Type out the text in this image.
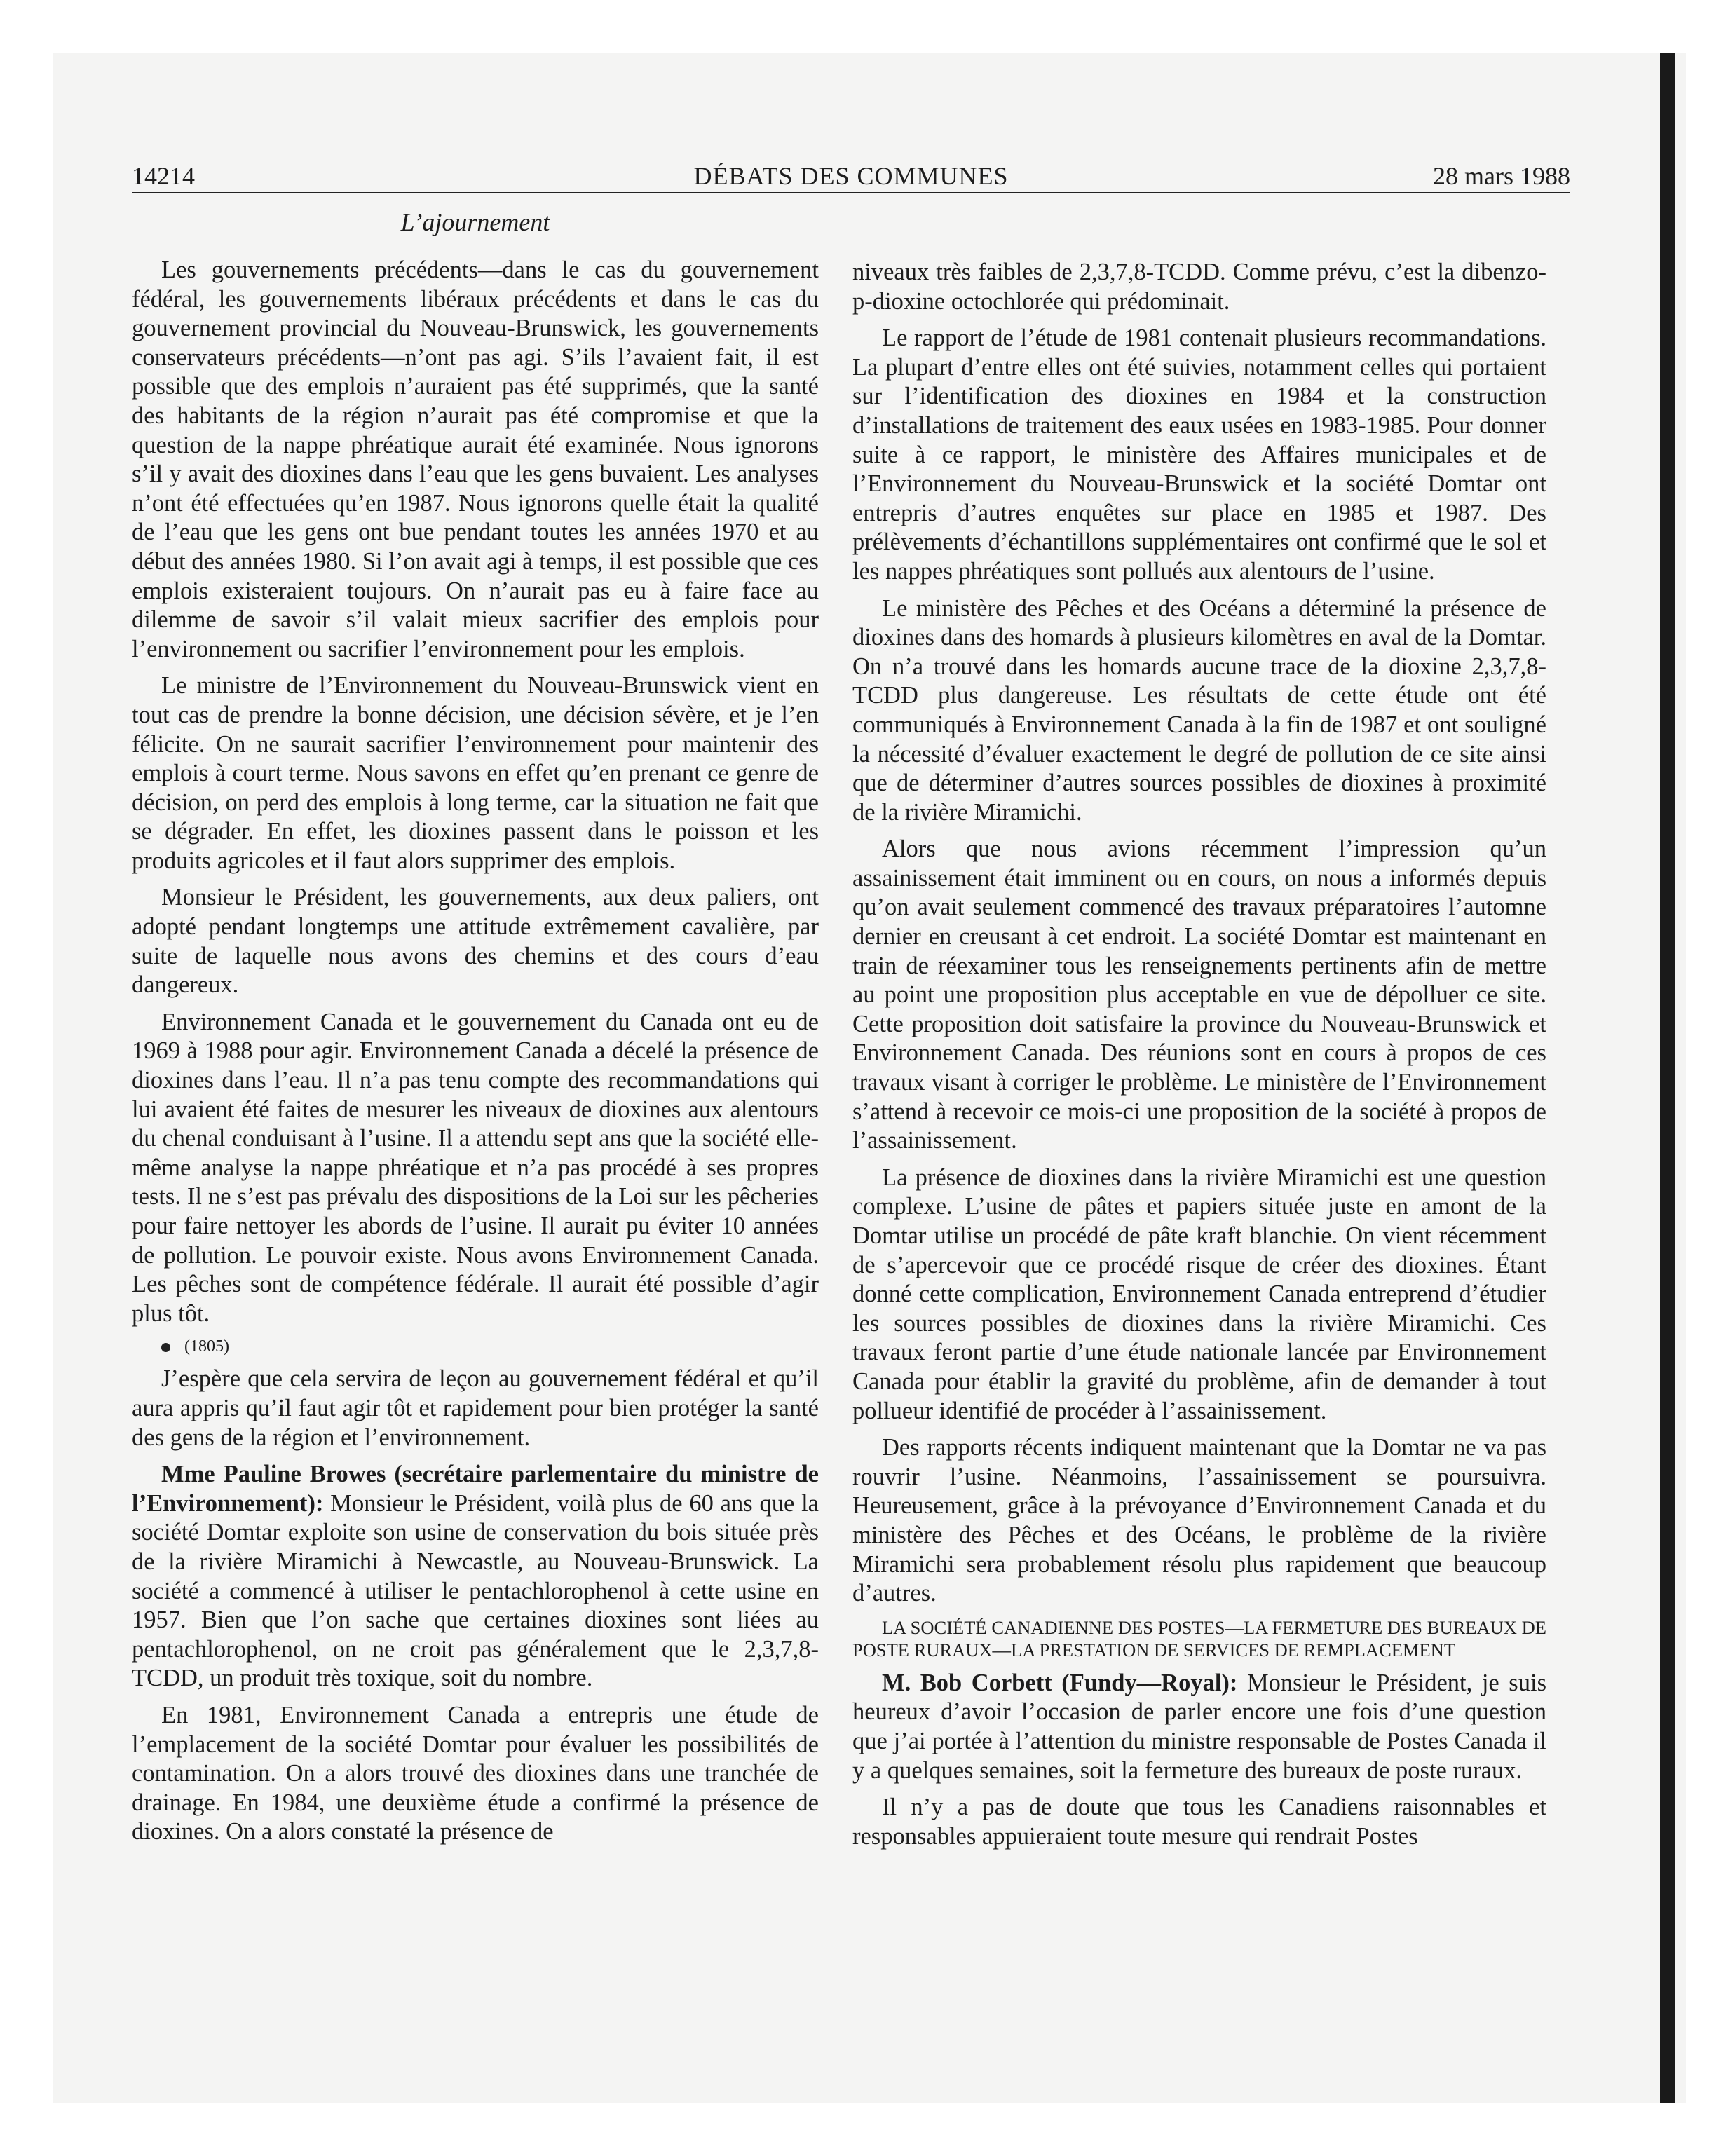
14214	DÉBATS DES COMMUNES	28 mars 1988
L’ajournement

Les gouvernements précédents—dans le cas du gouvernement fédéral, les gouvernements libéraux précédents et dans le cas du gouvernement provincial du Nouveau-Brunswick, les gouvernements conservateurs précédents—n’ont pas agi. S’ils l’avaient fait, il est possible que des emplois n’auraient pas été supprimés, que la santé des habitants de la région n’aurait pas été compromise et que la question de la nappe phréatique aurait été examinée. Nous ignorons s’il y avait des dioxines dans l’eau que les gens buvaient. Les analyses n’ont été effectuées qu’en 1987. Nous ignorons quelle était la qualité de l’eau que les gens ont bue pendant toutes les années 1970 et au début des années 1980. Si l’on avait agi à temps, il est possible que ces emplois existeraient toujours. On n’aurait pas eu à faire face au dilemme de savoir s’il valait mieux sacrifier des emplois pour l’environnement ou sacrifier l’environnement pour les emplois.

Le ministre de l’Environnement du Nouveau-Brunswick vient en tout cas de prendre la bonne décision, une décision sévère, et je l’en félicite. On ne saurait sacrifier l’environnement pour maintenir des emplois à court terme. Nous savons en effet qu’en prenant ce genre de décision, on perd des emplois à long terme, car la situation ne fait que se dégrader. En effet, les dioxines passent dans le poisson et les produits agricoles et il faut alors supprimer des emplois.

Monsieur le Président, les gouvernements, aux deux paliers, ont adopté pendant longtemps une attitude extrêmement cavalière, par suite de laquelle nous avons des chemins et des cours d’eau dangereux.

Environnement Canada et le gouvernement du Canada ont eu de 1969 à 1988 pour agir. Environnement Canada a décelé la présence de dioxines dans l’eau. Il n’a pas tenu compte des recommandations qui lui avaient été faites de mesurer les niveaux de dioxines aux alentours du chenal conduisant à l’usine. Il a attendu sept ans que la société elle-même analyse la nappe phréatique et n’a pas procédé à ses propres tests. Il ne s’est pas prévalu des dispositions de la Loi sur les pêcheries pour faire nettoyer les abords de l’usine. Il aurait pu éviter 10 années de pollution. Le pouvoir existe. Nous avons Environnement Canada. Les pêches sont de compétence fédérale. Il aurait été possible d’agir plus tôt.

(1805)

J’espère que cela servira de leçon au gouvernement fédéral et qu’il aura appris qu’il faut agir tôt et rapidement pour bien protéger la santé des gens de la région et l’environnement.

Mme Pauline Browes (secrétaire parlementaire du ministre de l’Environnement): Monsieur le Président, voilà plus de 60 ans que la société Domtar exploite son usine de conservation du bois située près de la rivière Miramichi à Newcastle, au Nouveau-Brunswick. La société a commencé à utiliser le pentachlorophenol à cette usine en 1957. Bien que l’on sache que certaines dioxines sont liées au pentachlorophenol, on ne croit pas généralement que le 2,3,7,8-TCDD, un produit très toxique, soit du nombre.

En 1981, Environnement Canada a entrepris une étude de l’emplacement de la société Domtar pour évaluer les possibilités de contamination. On a alors trouvé des dioxines dans une tranchée de drainage. En 1984, une deuxième étude a confirmé la présence de dioxines. On a alors constaté la présence de

niveaux très faibles de 2,3,7,8-TCDD. Comme prévu, c’est la dibenzo-p-dioxine octochlorée qui prédominait.

Le rapport de l’étude de 1981 contenait plusieurs recommandations. La plupart d’entre elles ont été suivies, notamment celles qui portaient sur l’identification des dioxines en 1984 et la construction d’installations de traitement des eaux usées en 1983-1985. Pour donner suite à ce rapport, le ministère des Affaires municipales et de l’Environnement du Nouveau-Brunswick et la société Domtar ont entrepris d’autres enquêtes sur place en 1985 et 1987. Des prélèvements d’échantillons supplémentaires ont confirmé que le sol et les nappes phréatiques sont pollués aux alentours de l’usine.

Le ministère des Pêches et des Océans a déterminé la présence de dioxines dans des homards à plusieurs kilomètres en aval de la Domtar. On n’a trouvé dans les homards aucune trace de la dioxine 2,3,7,8-TCDD plus dangereuse. Les résultats de cette étude ont été communiqués à Environnement Canada à la fin de 1987 et ont souligné la nécessité d’évaluer exactement le degré de pollution de ce site ainsi que de déterminer d’autres sources possibles de dioxines à proximité de la rivière Miramichi.

Alors que nous avions récemment l’impression qu’un assainissement était imminent ou en cours, on nous a informés depuis qu’on avait seulement commencé des travaux préparatoires l’automne dernier en creusant à cet endroit. La société Domtar est maintenant en train de réexaminer tous les renseignements pertinents afin de mettre au point une proposition plus acceptable en vue de dépolluer ce site. Cette proposition doit satisfaire la province du Nouveau-Brunswick et Environnement Canada. Des réunions sont en cours à propos de ces travaux visant à corriger le problème. Le ministère de l’Environnement s’attend à recevoir ce mois-ci une proposition de la société à propos de l’assainissement.

La présence de dioxines dans la rivière Miramichi est une question complexe. L’usine de pâtes et papiers située juste en amont de la Domtar utilise un procédé de pâte kraft blanchie. On vient récemment de s’apercevoir que ce procédé risque de créer des dioxines. Étant donné cette complication, Environnement Canada entreprend d’étudier les sources possibles de dioxines dans la rivière Miramichi. Ces travaux feront partie d’une étude nationale lancée par Environnement Canada pour établir la gravité du problème, afin de demander à tout pollueur identifié de procéder à l’assainissement.

Des rapports récents indiquent maintenant que la Domtar ne va pas rouvrir l’usine. Néanmoins, l’assainissement se poursuivra. Heureusement, grâce à la prévoyance d’Environnement Canada et du ministère des Pêches et des Océans, le problème de la rivière Miramichi sera probablement résolu plus rapidement que beaucoup d’autres.

LA SOCIÉTÉ CANADIENNE DES POSTES—LA FERMETURE DES BUREAUX DE POSTE RURAUX—LA PRESTATION DE SERVICES DE REMPLACEMENT

M. Bob Corbett (Fundy—Royal): Monsieur le Président, je suis heureux d’avoir l’occasion de parler encore une fois d’une question que j’ai portée à l’attention du ministre responsable de Postes Canada il y a quelques semaines, soit la fermeture des bureaux de poste ruraux.

Il n’y a pas de doute que tous les Canadiens raisonnables et responsables appuieraient toute mesure qui rendrait Postes
